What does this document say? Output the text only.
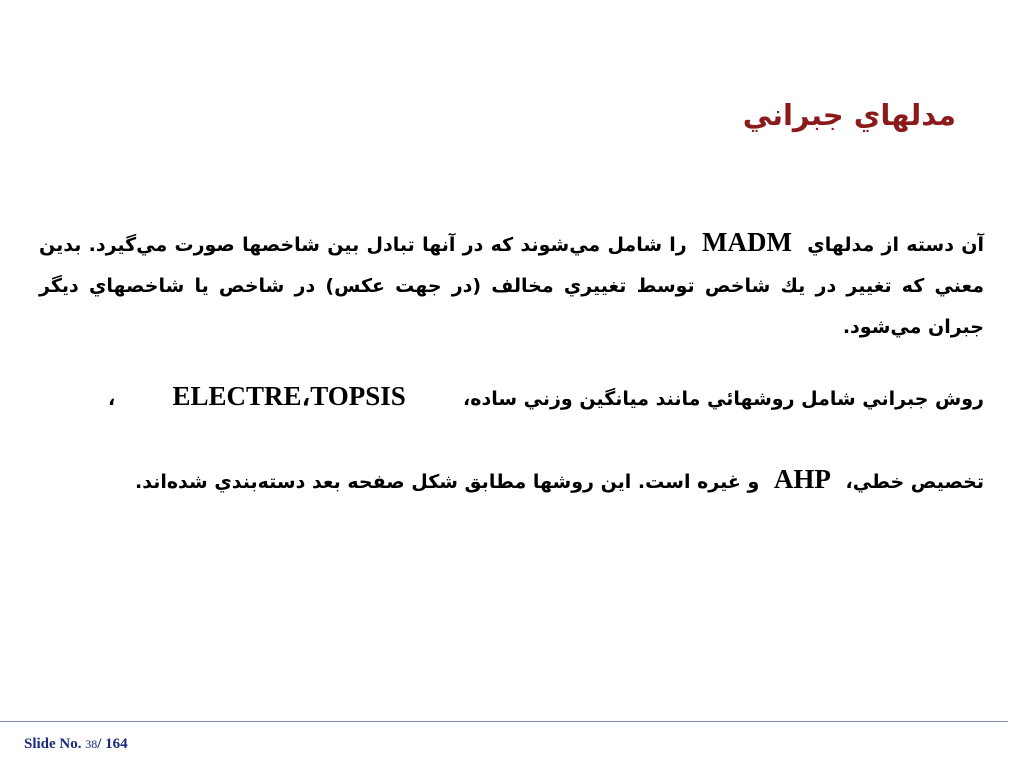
مدلهاي جبراني

آن دسته از مدلهاي MADM را شامل مي‌شوند كه در آنها تبادل بين شاخصها صورت مي‌گيرد. بدين معني كه تغيير در يك شاخص توسط تغييري مخالف (در جهت عكس) در شاخص يا شاخصهاي ديگر جبران مي‌شود.

روش جبراني شامل روشهائي مانند ميانگين وزني ساده،  ELECTRE،TOPSIS  ،

تخصيص خطي، AHP و غيره است. اين روشها مطابق شكل صفحه بعد دسته‌بندي شده‌اند.

Slide No. 38/ 164
